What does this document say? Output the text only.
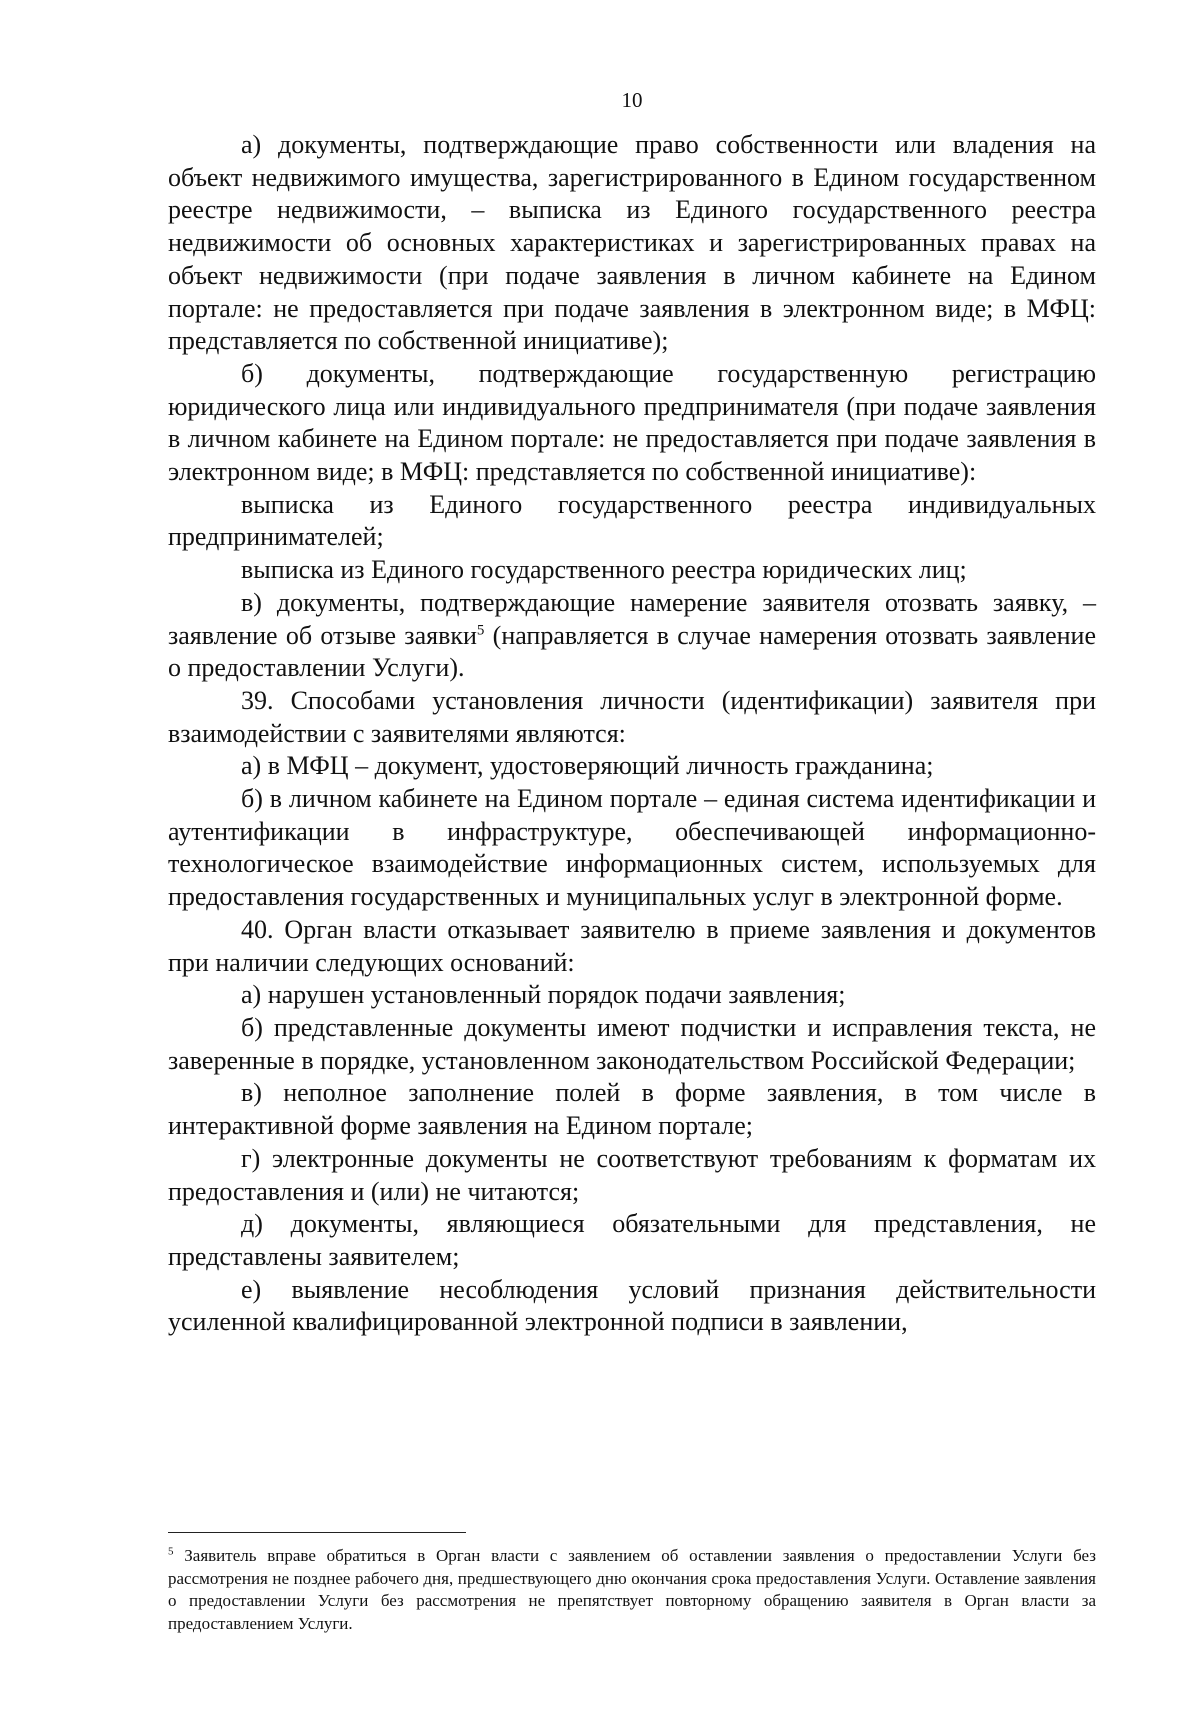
10

а) документы, подтверждающие право собственности или владения на объект недвижимого имущества, зарегистрированного в Едином государственном реестре недвижимости, – выписка из Единого государственного реестра недвижимости об основных характеристиках и зарегистрированных правах на объект недвижимости (при подаче заявления в личном кабинете на Едином портале: не предоставляется при подаче заявления в электронном виде; в МФЦ: представляется по собственной инициативе);

б) документы, подтверждающие государственную регистрацию юридического лица или индивидуального предпринимателя (при подаче заявления в личном кабинете на Едином портале: не предоставляется при подаче заявления в электронном виде; в МФЦ: представляется по собственной инициативе):

выписка из Единого государственного реестра индивидуальных предпринимателей;

выписка из Единого государственного реестра юридических лиц;

в) документы, подтверждающие намерение заявителя отозвать заявку, – заявление об отзыве заявки$^5$ (направляется в случае намерения отозвать заявление о предоставлении Услуги).

39. Способами установления личности (идентификации) заявителя при взаимодействии с заявителями являются:

а) в МФЦ – документ, удостоверяющий личность гражданина;

б) в личном кабинете на Едином портале – единая система идентификации и аутентификации в инфраструктуре, обеспечивающей информационно-технологическое взаимодействие информационных систем, используемых для предоставления государственных и муниципальных услуг в электронной форме.

40. Орган власти отказывает заявителю в приеме заявления и документов при наличии следующих оснований:

а) нарушен установленный порядок подачи заявления;

б) представленные документы имеют подчистки и исправления текста, не заверенные в порядке, установленном законодательством Российской Федерации;

в) неполное заполнение полей в форме заявления, в том числе в интерактивной форме заявления на Едином портале;

г) электронные документы не соответствуют требованиям к форматам их предоставления и (или) не читаются;

д) документы, являющиеся обязательными для представления, не представлены заявителем;

е) выявление несоблюдения условий признания действительности усиленной квалифицированной электронной подписи в заявлении,

$^5$ Заявитель вправе обратиться в Орган власти с заявлением об оставлении заявления о предоставлении Услуги без рассмотрения не позднее рабочего дня, предшествующего дню окончания срока предоставления Услуги. Оставление заявления о предоставлении Услуги без рассмотрения не препятствует повторному обращению заявителя в Орган власти за предоставлением Услуги.
